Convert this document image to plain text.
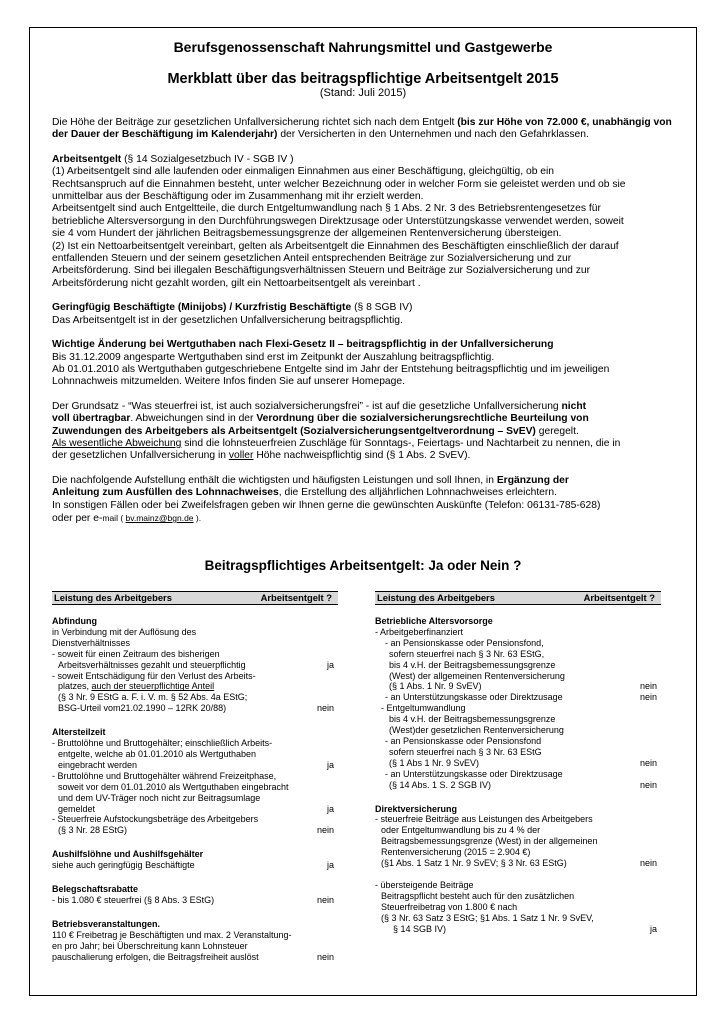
Berufsgenossenschaft Nahrungsmittel und Gastgewerbe
Merkblatt über das beitragspflichtige Arbeitsentgelt 2015
(Stand: Juli 2015)

Die Höhe der Beiträge zur gesetzlichen Unfallversicherung richtet sich nach dem Entgelt (bis zur Höhe von 72.000 €, unabhängig von der Dauer der Beschäftigung im Kalenderjahr) der Versicherten in den Unternehmen und nach den Gefahrklassen.

Arbeitsentgelt (§ 14 Sozialgesetzbuch IV - SGB IV )

(1) Arbeitsentgelt sind alle laufenden oder einmaligen Einnahmen aus einer Beschäftigung, gleichgültig, ob ein

Rechtsanspruch auf die Einnahmen besteht, unter welcher Bezeichnung oder in welcher Form sie geleistet werden und ob sie

unmittelbar aus der Beschäftigung oder im Zusammenhang mit ihr erzielt werden.

Arbeitsentgelt sind auch Entgeltteile, die durch Entgeltumwandlung nach § 1 Abs. 2 Nr. 3 des Betriebsrentengesetzes für

betriebliche Altersversorgung in den Durchführungswegen Direktzusage oder Unterstützungskasse verwendet werden, soweit

sie 4 vom Hundert der jährlichen Beitragsbemessungsgrenze der allgemeinen Rentenversicherung übersteigen.

(2) Ist ein Nettoarbeitsentgelt vereinbart, gelten als Arbeitsentgelt die Einnahmen des Beschäftigten einschließlich der darauf

entfallenden Steuern und der seinem gesetzlichen Anteil entsprechenden Beiträge zur Sozialversicherung und zur

Arbeitsförderung. Sind bei illegalen Beschäftigungsverhältnissen Steuern und Beiträge zur Sozialversicherung und zur

Arbeitsförderung nicht gezahlt worden, gilt ein Nettoarbeitsentgelt als vereinbart .

Geringfügig Beschäftigte (Minijobs) / Kurzfristig Beschäftigte (§ 8 SGB IV)

Das Arbeitsentgelt ist in der gesetzlichen Unfallversicherung beitragspflichtig.

Wichtige Änderung bei Wertguthaben nach Flexi-Gesetz II – beitragspflichtig in der Unfallversicherung

Bis 31.12.2009 angesparte Wertguthaben sind erst im Zeitpunkt der Auszahlung beitragspflichtig.

Ab 01.01.2010 als Wertguthaben gutgeschriebene Entgelte sind im Jahr der Entstehung beitragspflichtig und im jeweiligen

Lohnnachweis mitzumelden. Weitere Infos finden Sie auf unserer Homepage.

Der Grundsatz - “Was steuerfrei ist, ist auch sozialversicherungsfrei” - ist auf die gesetzliche Unfallversicherung nicht

voll übertragbar. Abweichungen sind in der Verordnung über die sozialversicherungsrechtliche Beurteilung von

Zuwendungen des Arbeitgebers als Arbeitsentgelt (Sozialversicherungsentgeltverordnung – SvEV) geregelt.

Als wesentliche Abweichung sind die lohnsteuerfreien Zuschläge für Sonntags-, Feiertags- und Nachtarbeit zu nennen, die in

der gesetzlichen Unfallversicherung in voller Höhe nachweispflichtig sind (§ 1 Abs. 2 SvEV).

Die nachfolgende Aufstellung enthält die wichtigsten und häufigsten Leistungen und soll Ihnen, in Ergänzung der

Anleitung zum Ausfüllen des Lohnnachweises, die Erstellung des alljährlichen Lohnnachweises erleichtern.

In sonstigen Fällen oder bei Zweifelsfragen geben wir Ihnen gerne die gewünschten Auskünfte (Telefon: 06131-785-628)

oder per e-mail ( bv.mainz@bgn.de ).

Beitragspflichtiges Arbeitsentgelt: Ja oder Nein ?
Leistung des Arbeitgebers	Arbeitsentgelt ?
Abfindung
in Verbindung mit der Auflösung des
Dienstverhältnisses
- soweit für einen Zeitraum des bisherigen
Arbeitsverhältnisses gezahlt und steuerpflichtig	ja
- soweit Entschädigung für den Verlust des Arbeits-
platzes, auch der steuerpflichtige Anteil
(§ 3 Nr. 9 EStG a. F. i. V. m. § 52 Abs. 4a EStG;
BSG-Urteil vom21.02.1990 – 12RK 20/88)	nein
Altersteilzeit
- Bruttolöhne und Bruttogehälter; einschließlich Arbeits-
entgelte, welche ab 01.01.2010 als Wertguthaben
eingebracht werden	ja
- Bruttolöhne und Bruttogehälter während Freizeitphase,
soweit vor dem 01.01.2010 als Wertguthaben eingebracht
und dem UV-Träger noch nicht zur Beitragsumlage
gemeldet	ja
- Steuerfreie Aufstockungsbeträge des Arbeitgebers
(§ 3 Nr. 28 EStG)	nein
Aushilfslöhne und Aushilfsgehälter
siehe auch geringfügig Beschäftigte	ja
Belegschaftsrabatte
- bis 1.080 € steuerfrei (§ 8 Abs. 3 EStG)	nein
Betriebsveranstaltungen.
110 € Freibetrag je Beschäftigten und max. 2 Veranstaltung-
en pro Jahr; bei Überschreitung kann Lohnsteuer
pauschalierung erfolgen, die Beitragsfreiheit auslöst	nein
Leistung des Arbeitgebers	Arbeitsentgelt ?
Betriebliche Altersvorsorge
- Arbeitgeberfinanziert
- an Pensionskasse oder Pensionsfond,
sofern steuerfrei nach § 3 Nr. 63 EStG,
bis 4 v.H. der Beitragsbemessungsgrenze
(West) der allgemeinen Rentenversicherung
(§ 1 Abs. 1 Nr. 9 SvEV)	nein
- an Unterstützungskasse oder Direktzusage	nein
- Entgeltumwandlung
bis 4 v.H. der Beitragsbemessungsgrenze
(West)der gesetzlichen Rentenversicherung
- an Pensionskasse oder Pensionsfond
sofern steuerfrei nach § 3 Nr. 63 EStG
(§ 1 Abs 1 Nr. 9 SvEV)	nein
- an Unterstützungskasse oder Direktzusage
(§ 14 Abs. 1 S. 2 SGB IV)	nein
Direktversicherung
- steuerfreie Beiträge aus Leistungen des Arbeitgebers
oder Entgeltumwandlung bis zu 4 % der
Beitragsbemessungsgrenze (West) in der allgemeinen
Rentenversicherung (2015 = 2.904 €)
(§1 Abs. 1 Satz 1 Nr. 9 SvEV; § 3 Nr. 63 EStG)	nein
- übersteigende Beiträge
Beitragspflicht besteht auch für den zusätzlichen
Steuerfreibetrag von 1.800 € nach
(§ 3 Nr. 63 Satz 3 EStG; §1 Abs. 1 Satz 1 Nr. 9 SvEV,
§ 14 SGB IV)	ja
